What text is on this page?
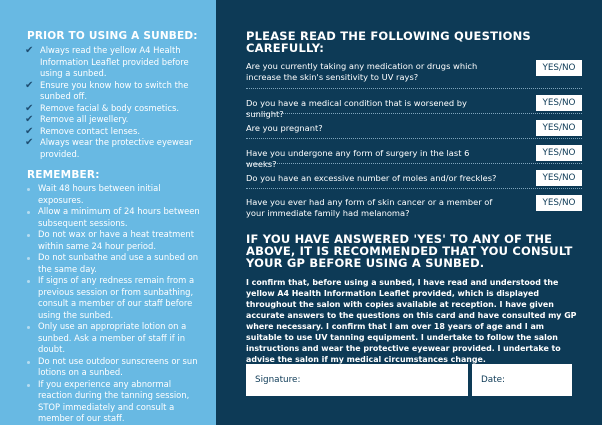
PRIOR TO USING A SUNBED:
✔ Always read the yellow A4 Health Information Leaflet provided before using a sunbed.
✔ Ensure you know how to switch the sunbed off.
✔ Remove facial & body cosmetics.
✔ Remove all jewellery.
✔ Remove contact lenses.
✔ Always wear the protective eyewear provided.
REMEMBER:
Wait 48 hours between initial exposures.
Allow a minimum of 24 hours between subsequent sessions.
Do not wax or have a heat treatment within same 24 hour period.
Do not sunbathe and use a sunbed on the same day.
If signs of any redness remain from a previous session or from sunbathing, consult a member of our staff before using the sunbed.
Only use an appropriate lotion on a sunbed. Ask a member of staff if in doubt.
Do not use outdoor sunscreens or sun lotions on a sunbed.
If you experience any abnormal reaction during the tanning session, STOP immediately and consult a member of our staff.
PLEASE READ THE FOLLOWING QUESTIONS CAREFULLY:
Are you currently taking any medication or drugs which increase the skin's sensitivity to UV rays?
YES/NO
Do you have a medical condition that is worsened by sunlight?
YES/NO
Are you pregnant?	YES/NO
Have you undergone any form of surgery in the last 6 weeks?
YES/NO
Do you have an excessive number of moles and/or freckles?	YES/NO
Have you ever had any form of skin cancer or a member of your immediate family had melanoma?
YES/NO
IF YOU HAVE ANSWERED 'YES' TO ANY OF THE ABOVE, IT IS RECOMMENDED THAT YOU CONSULT YOUR GP BEFORE USING A SUNBED.

I confirm that, before using a sunbed, I have read and understood the yellow A4 Health Information Leaflet provided, which is displayed throughout the salon with copies available at reception. I have given accurate answers to the questions on this card and have consulted my GP where necessary. I confirm that I am over 18 years of age and I am suitable to use UV tanning equipment. I undertake to follow the salon instructions and wear the protective eyewear provided. I undertake to advise the salon if my medical circumstances change.

Signature:	Date:
